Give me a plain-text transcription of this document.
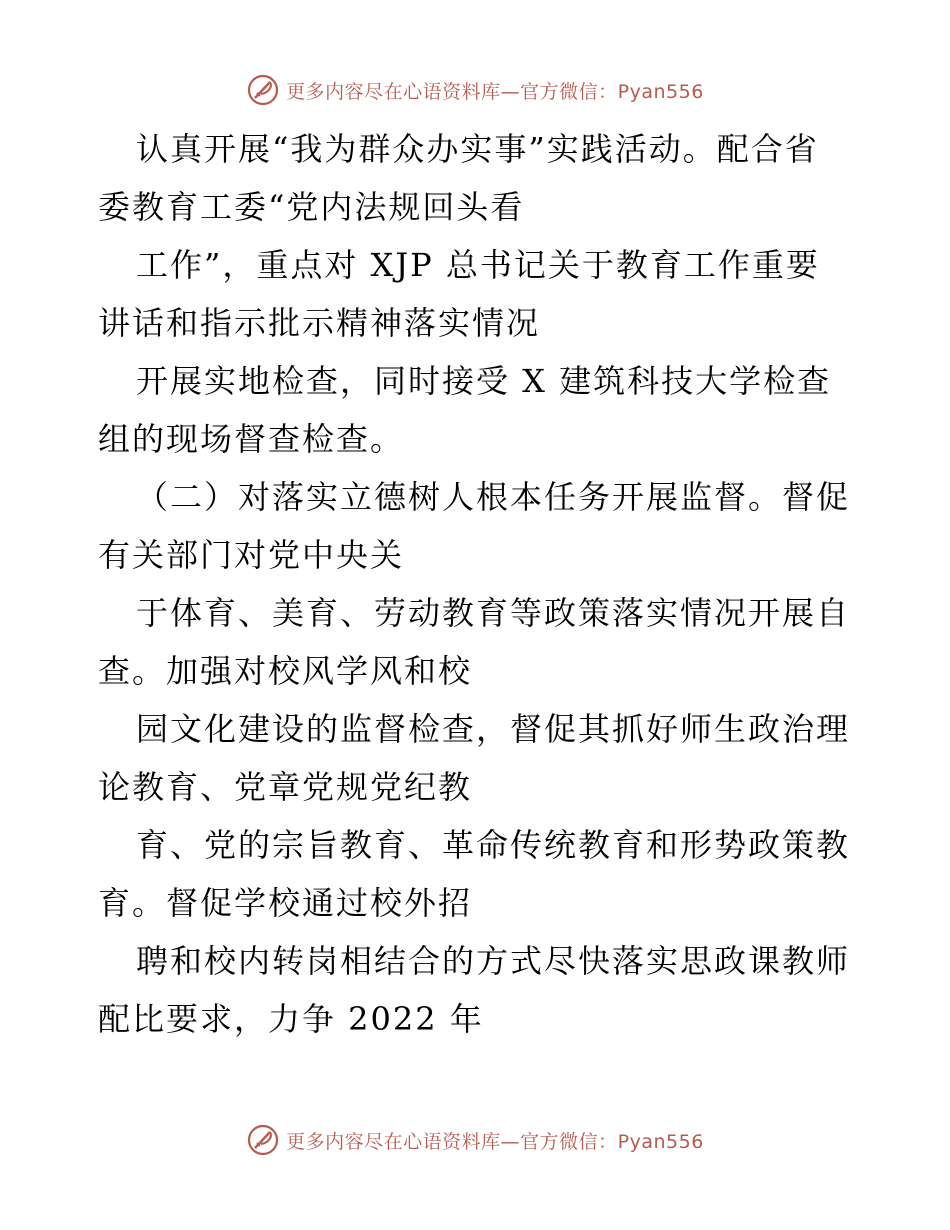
更多内容尽在心语资料库—官方微信：Pyan556
认真开展“我为群众办实事”实践活动。配合省
委教育工委“党内法规回头看
工作”，重点对 XJP 总书记关于教育工作重要
讲话和指示批示精神落实情况
开展实地检查，同时接受 X 建筑科技大学检查
组的现场督查检查。
（二）对落实立德树人根本任务开展监督。督促
有关部门对党中央关
于体育、美育、劳动教育等政策落实情况开展自
查。加强对校风学风和校
园文化建设的监督检查，督促其抓好师生政治理
论教育、党章党规党纪教
育、党的宗旨教育、革命传统教育和形势政策教
育。督促学校通过校外招
聘和校内转岗相结合的方式尽快落实思政课教师
配比要求，力争 2022 年
更多内容尽在心语资料库—官方微信：Pyan556
